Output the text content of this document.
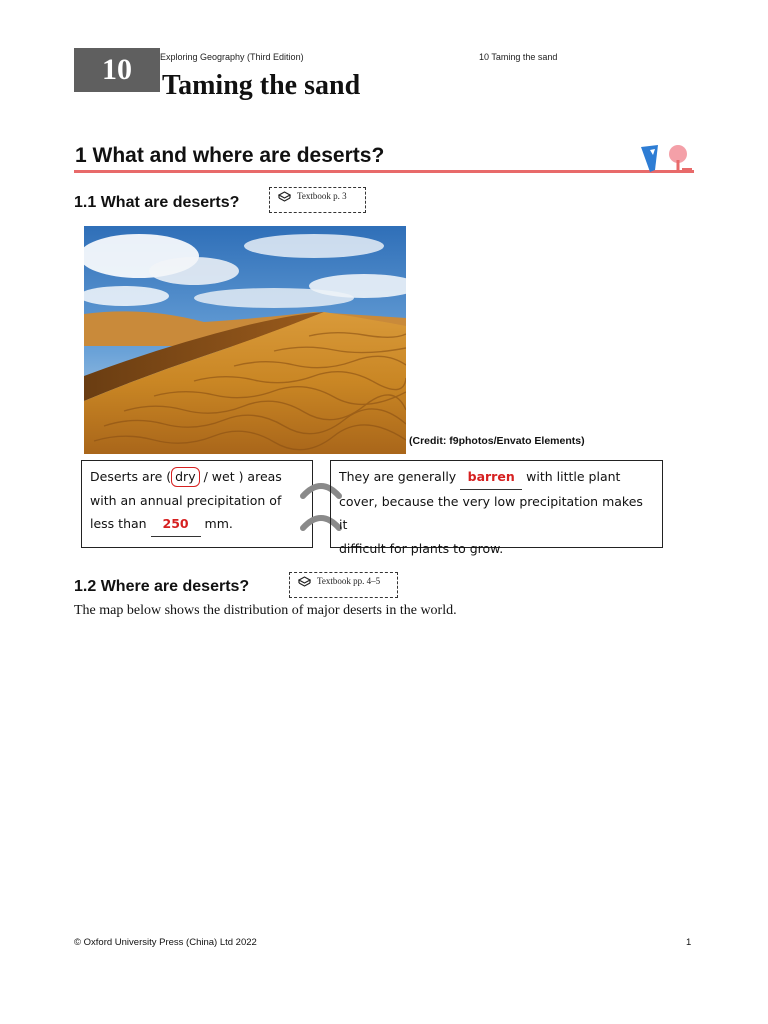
10	Exploring Geography (Third Edition)	10 Taming the sand
Taming the sand
1 What and where are deserts?
1.1 What are deserts?	Textbook p. 3
(Credit: f9photos/Envato Elements)
Deserts are ( dry / wet ) areas
with an annual precipitation of
less than 250 mm.
They are generally barren with little plant
cover, because the very low precipitation makes it
difficult for plants to grow.
1.2 Where are deserts?	Textbook pp. 4–5
The map below shows the distribution of major deserts in the world.
© Oxford University Press (China) Ltd 2022	1
